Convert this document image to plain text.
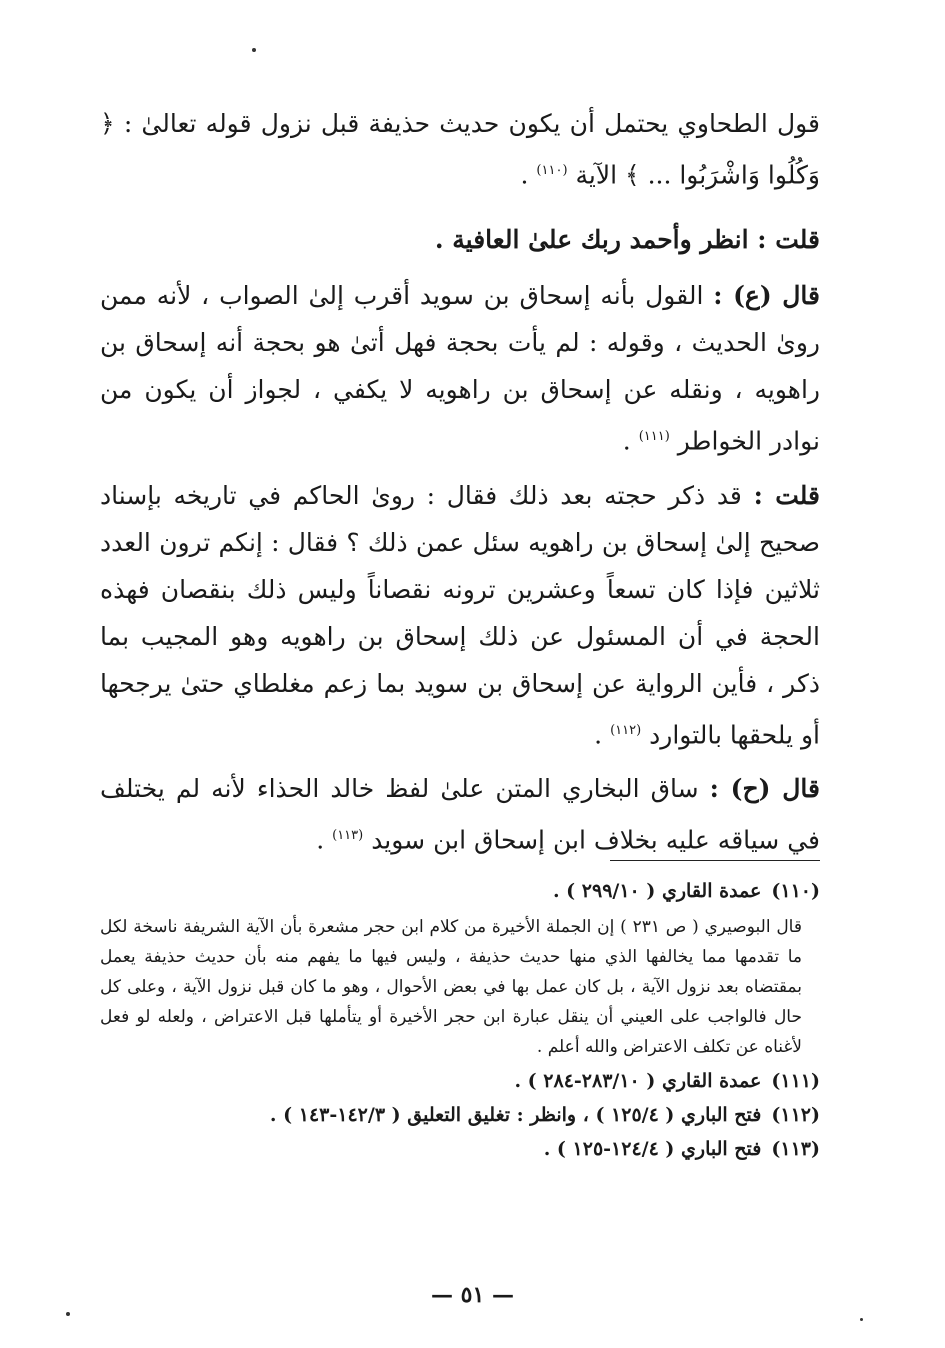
قول الطحاوي يحتمل أن يكون حديث حذيفة قبل نزول قوله تعالىٰ : ﴿ وَكُلُوا وَاشْرَبُوا ... ﴾ الآية $^{(١١٠)}$ .

قلت : انظر وأحمد ربك علىٰ العافية .

قال (ع) : القول بأنه إسحاق بن سويد أقرب إلىٰ الصواب ، لأنه ممن روىٰ الحديث ، وقوله : لم يأت بحجة فهل أتىٰ هو بحجة أنه إسحاق بن راهويه ، ونقله عن إسحاق بن راهويه لا يكفي ، لجواز أن يكون من نوادر الخواطر $^{(١١١)}$ .

قلت : قد ذكر حجته بعد ذلك فقال : روىٰ الحاكم في تاريخه بإسناد صحيح إلىٰ إسحاق بن راهويه سئل عمن ذلك ؟ فقال : إنكم ترون العدد ثلاثين فإذا كان تسعاً وعشرين ترونه نقصاناً وليس ذلك بنقصان فهذه الحجة في أن المسئول عن ذلك إسحاق بن راهويه وهو المجيب بما ذكر ، فأين الرواية عن إسحاق بن سويد بما زعم مغلطاي حتىٰ يرجحها أو يلحقها بالتوارد $^{(١١٢)}$ .

قال (ح) : ساق البخاري المتن علىٰ لفظ خالد الحذاء لأنه لم يختلف في سياقه عليه بخلاف ابن إسحاق ابن سويد $^{(١١٣)}$ .

(١١٠)عمدة القاري ( ٢٩٩/١٠ ) .

قال البوصيري ( ص ٢٣١ ) إن الجملة الأخيرة من كلام ابن حجر مشعرة بأن الآية الشريفة ناسخة لكل ما تقدمها مما يخالفها الذي منها حديث حذيفة ، وليس فيها ما يفهم منه بأن حديث حذيفة يعمل بمقتضاه بعد نزول الآية ، بل كان عمل بها في بعض الأحوال ، وهو ما كان قبل نزول الآية ، وعلى كل حال فالواجب على العيني أن ينقل عبارة ابن حجر الأخيرة أو يتأملها قبل الاعتراض ، ولعله لو فعل لأغناه عن تكلف الاعتراض والله أعلم .

(١١١)عمدة القاري ( ٢٨٣/١٠-٢٨٤ ) .

(١١٢)فتح الباري ( ١٢٥/٤ ) ، وانظر : تغليق التعليق ( ١٤٢/٣-١٤٣ ) .

(١١٣)فتح الباري ( ١٢٤/٤-١٢٥ ) .

— ٥١ —
